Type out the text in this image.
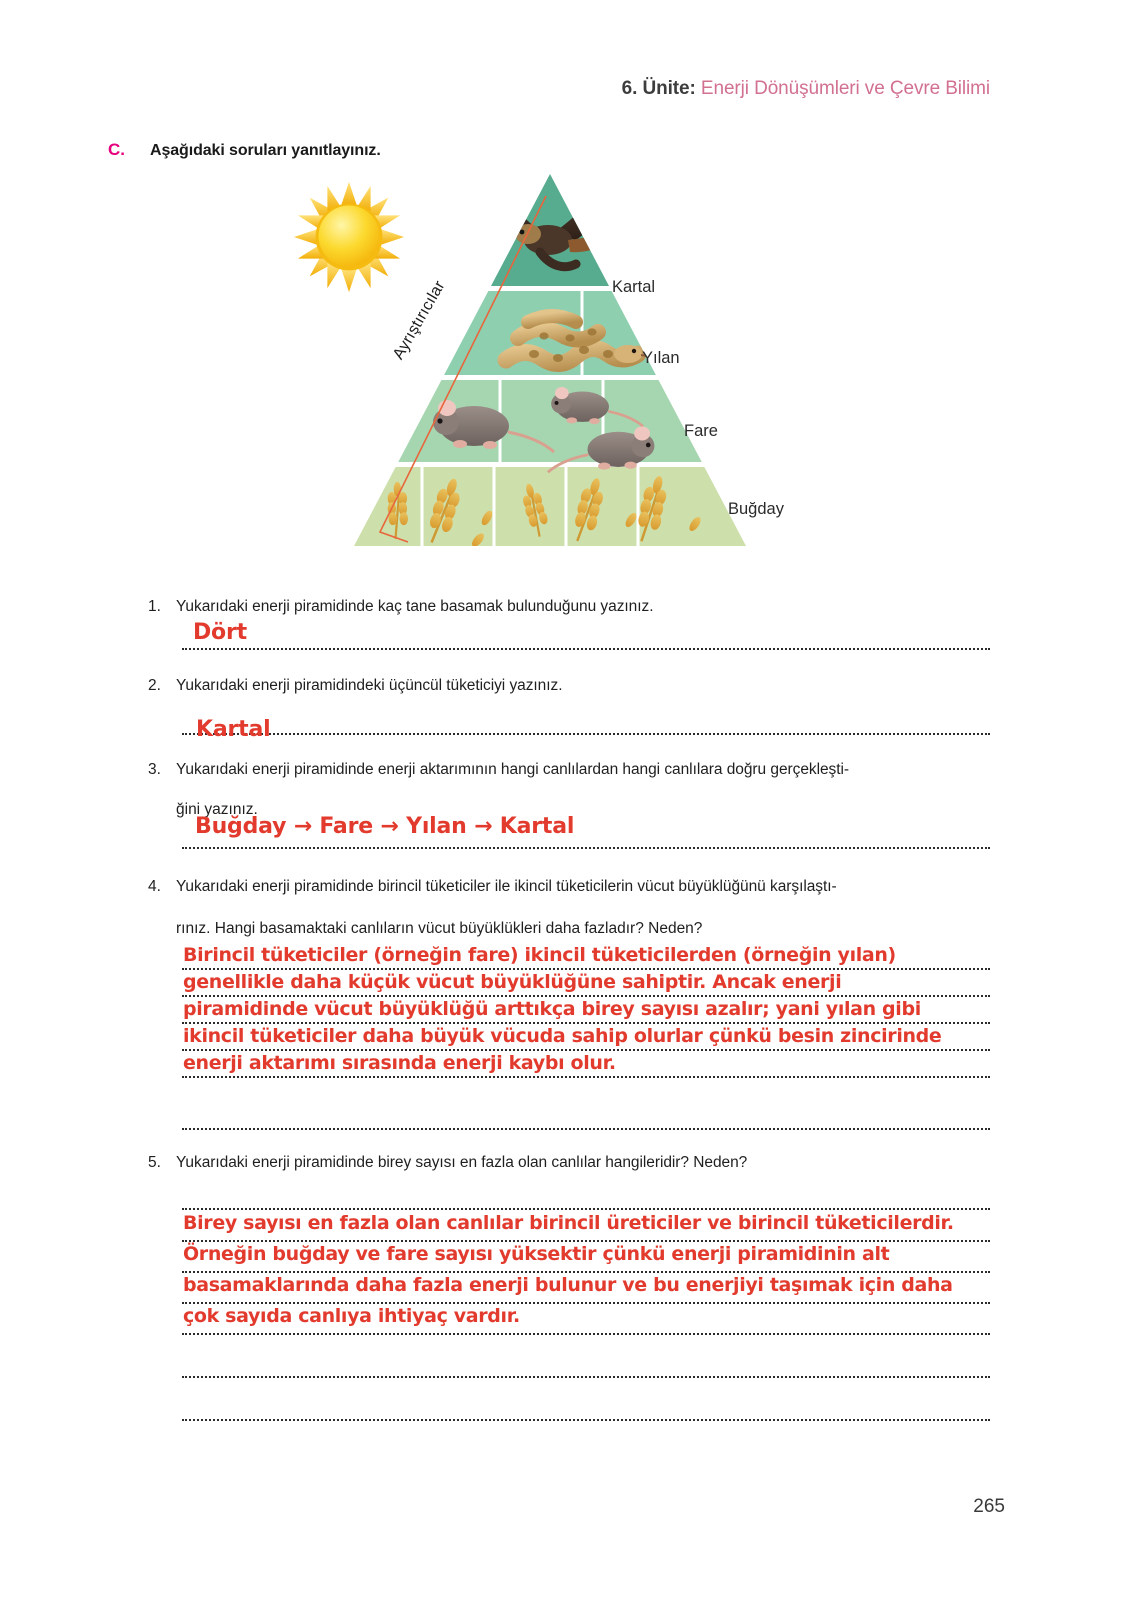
6. Ünite: Enerji Dönüşümleri ve Çevre Bilimi
C.	Aşağıdaki soruları yanıtlayınız.
Ayrıştırıcılar	Kartal
Yılan
Fare
Buğday
1. Yukarıdaki enerji piramidinde kaç tane basamak bulunduğunu yazınız.
Dört
2. Yukarıdaki enerji piramidindeki üçüncül tüketiciyi yazınız.
Kartal
3. Yukarıdaki enerji piramidinde enerji aktarımının hangi canlılardan hangi canlılara doğru gerçekleşti-
ğini yazınız.
Buğday → Fare → Yılan → Kartal
4. Yukarıdaki enerji piramidinde birincil tüketiciler ile ikincil tüketicilerin vücut büyüklüğünü karşılaştı-
rınız. Hangi basamaktaki canlıların vücut büyüklükleri daha fazladır? Neden?
Birincil tüketiciler (örneğin fare) ikincil tüketicilerden (örneğin yılan)
genellikle daha küçük vücut büyüklüğüne sahiptir. Ancak enerji
piramidinde vücut büyüklüğü arttıkça birey sayısı azalır; yani yılan gibi
ikincil tüketiciler daha büyük vücuda sahip olurlar çünkü besin zincirinde
enerji aktarımı sırasında enerji kaybı olur.
5. Yukarıdaki enerji piramidinde birey sayısı en fazla olan canlılar hangileridir? Neden?
Birey sayısı en fazla olan canlılar birincil üreticiler ve birincil tüketicilerdir.
Örneğin buğday ve fare sayısı yüksektir çünkü enerji piramidinin alt
basamaklarında daha fazla enerji bulunur ve bu enerjiyi taşımak için daha
çok sayıda canlıya ihtiyaç vardır.
265
